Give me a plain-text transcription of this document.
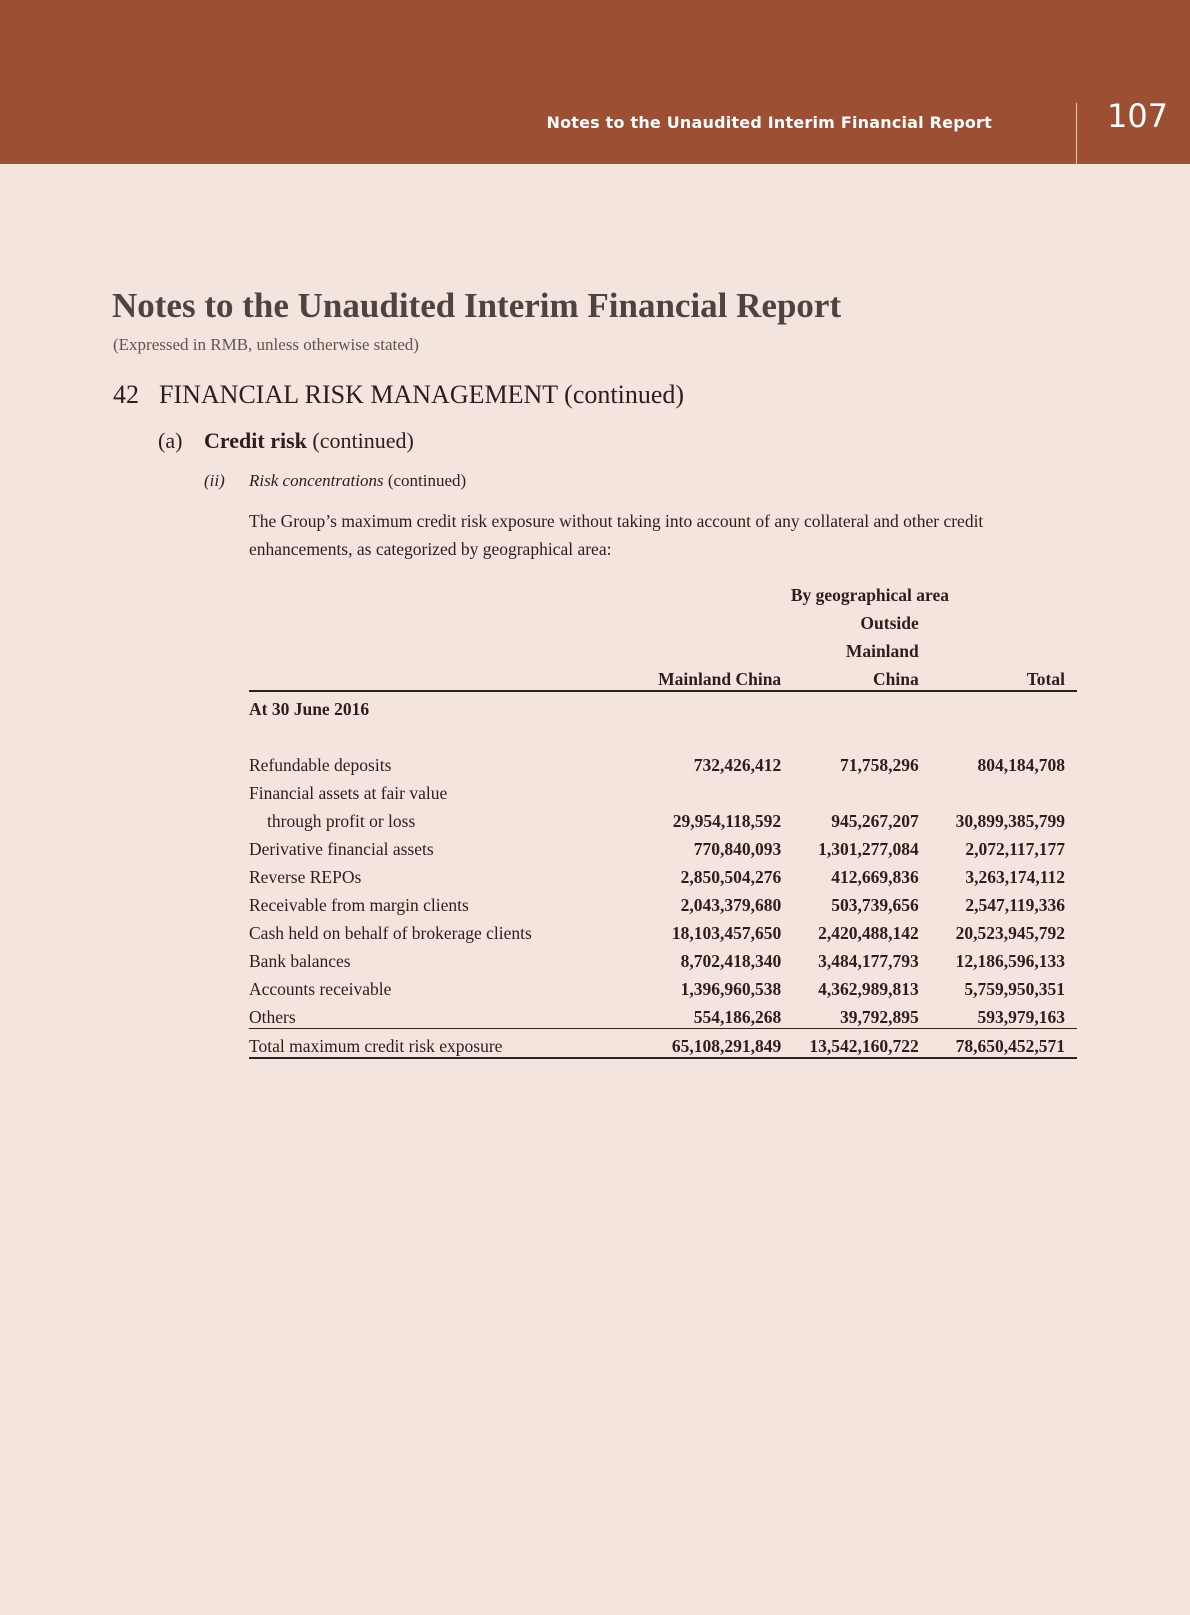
Notes to the Unaudited Interim Financial Report	107
Notes to the Unaudited Interim Financial Report
(Expressed in RMB, unless otherwise stated)
42 FINANCIAL RISK MANAGEMENT (continued)
(a) Credit risk (continued)
(ii) Risk concentrations (continued)
The Group’s maximum credit risk exposure without taking into account of any collateral and other credit enhancements, as categorized by geographical area:
	By geographical area		
		Outside	
		Mainland	
	Mainland China	China	Total
At 30 June 2016			

Refundable deposits	732,426,412	71,758,296	804,184,708
Financial assets at fair value			
through profit or loss	29,954,118,592	945,267,207	30,899,385,799
Derivative financial assets	770,840,093	1,301,277,084	2,072,117,177
Reverse REPOs	2,850,504,276	412,669,836	3,263,174,112
Receivable from margin clients	2,043,379,680	503,739,656	2,547,119,336
Cash held on behalf of brokerage clients	18,103,457,650	2,420,488,142	20,523,945,792
Bank balances	8,702,418,340	3,484,177,793	12,186,596,133
Accounts receivable	1,396,960,538	4,362,989,813	5,759,950,351
Others	554,186,268	39,792,895	593,979,163
Total maximum credit risk exposure	65,108,291,849	13,542,160,722	78,650,452,571
